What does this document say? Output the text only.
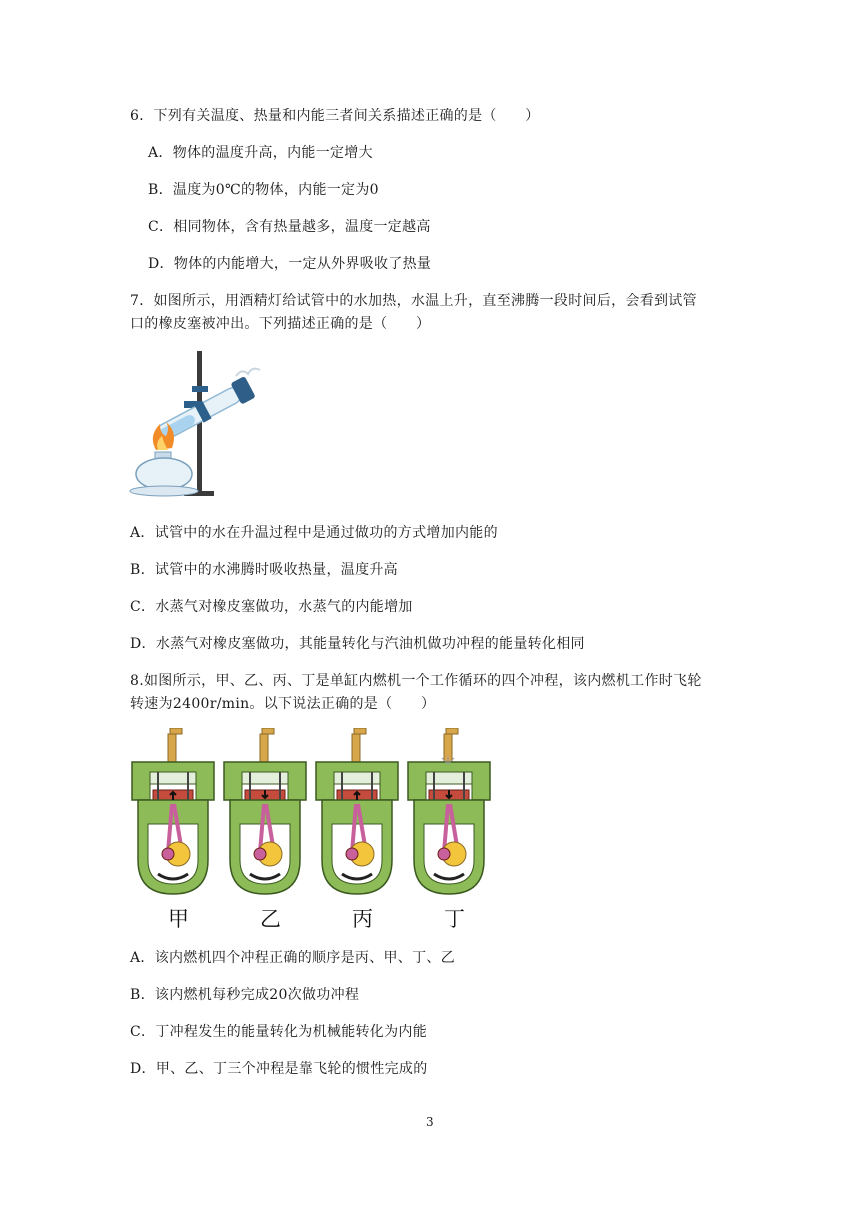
6．下列有关温度、热量和内能三者间关系描述正确的是（　　）
A．物体的温度升高，内能一定增大
B．温度为0℃的物体，内能一定为0
C．相同物体，含有热量越多，温度一定越高
D．物体的内能增大，一定从外界吸收了热量
7．如图所示，用酒精灯给试管中的水加热，水温上升，直至沸腾一段时间后，会看到试管
口的橡皮塞被冲出。下列描述正确的是（　　）
A．试管中的水在升温过程中是通过做功的方式增加内能的
B．试管中的水沸腾时吸收热量，温度升高
C．水蒸气对橡皮塞做功，水蒸气的内能增加
D．水蒸气对橡皮塞做功，其能量转化与汽油机做功冲程的能量转化相同
8.如图所示，甲、乙、丙、丁是单缸内燃机一个工作循环的四个冲程，该内燃机工作时飞轮
转速为2400r/min。以下说法正确的是（　　）
甲	乙	丙	丁
A．该内燃机四个冲程正确的顺序是丙、甲、丁、乙
B．该内燃机每秒完成20次做功冲程
C．丁冲程发生的能量转化为机械能转化为内能
D．甲、乙、丁三个冲程是靠飞轮的惯性完成的
3
